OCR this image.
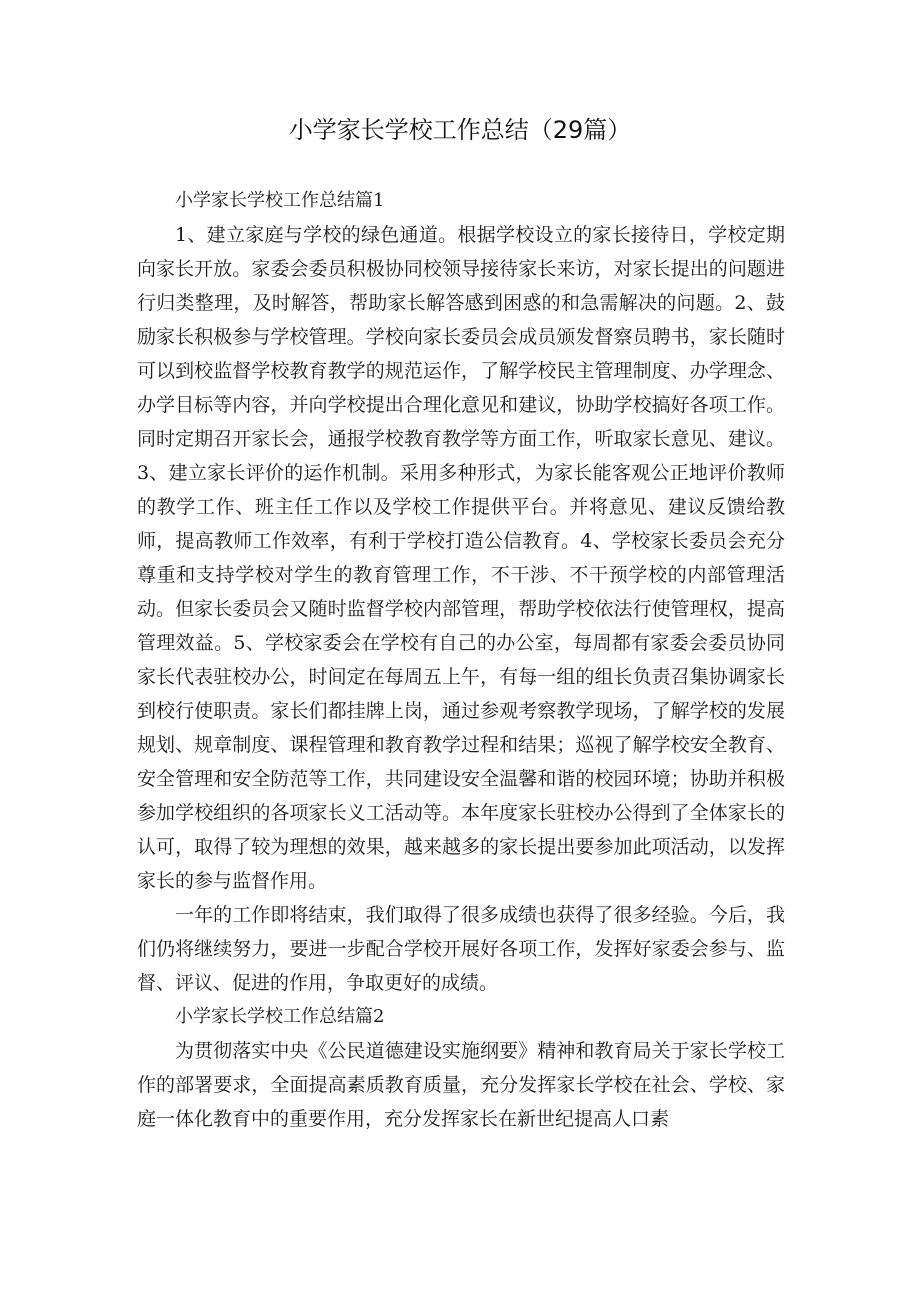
小学家长学校工作总结（29篇）

小学家长学校工作总结篇1

1、建立家庭与学校的绿色通道。根据学校设立的家长接待日，学校定期向家长开放。家委会委员积极协同校领导接待家长来访，对家长提出的问题进行归类整理，及时解答，帮助家长解答感到困惑的和急需解决的问题。2、鼓励家长积极参与学校管理。学校向家长委员会成员颁发督察员聘书，家长随时可以到校监督学校教育教学的规范运作，了解学校民主管理制度、办学理念、办学目标等内容，并向学校提出合理化意见和建议，协助学校搞好各项工作。同时定期召开家长会，通报学校教育教学等方面工作，听取家长意见、建议。3、建立家长评价的运作机制。采用多种形式，为家长能客观公正地评价教师的教学工作、班主任工作以及学校工作提供平台。并将意见、建议反馈给教师，提高教师工作效率，有利于学校打造公信教育。4、学校家长委员会充分尊重和支持学校对学生的教育管理工作，不干涉、不干预学校的内部管理活动。但家长委员会又随时监督学校内部管理，帮助学校依法行使管理权，提高管理效益。5、学校家委会在学校有自己的办公室，每周都有家委会委员协同家长代表驻校办公，时间定在每周五上午，有每一组的组长负责召集协调家长到校行使职责。家长们都挂牌上岗，通过参观考察教学现场，了解学校的发展规划、规章制度、课程管理和教育教学过程和结果；巡视了解学校安全教育、安全管理和安全防范等工作，共同建设安全温馨和谐的校园环境；协助并积极参加学校组织的各项家长义工活动等。本年度家长驻校办公得到了全体家长的认可，取得了较为理想的效果，越来越多的家长提出要参加此项活动，以发挥家长的参与监督作用。

一年的工作即将结束，我们取得了很多成绩也获得了很多经验。今后，我们仍将继续努力，要进一步配合学校开展好各项工作，发挥好家委会参与、监督、评议、促进的作用，争取更好的成绩。

小学家长学校工作总结篇2

为贯彻落实中央《公民道德建设实施纲要》精神和教育局关于家长学校工作的部署要求，全面提高素质教育质量，充分发挥家长学校在社会、学校、家庭一体化教育中的重要作用，充分发挥家长在新世纪提高人口素
